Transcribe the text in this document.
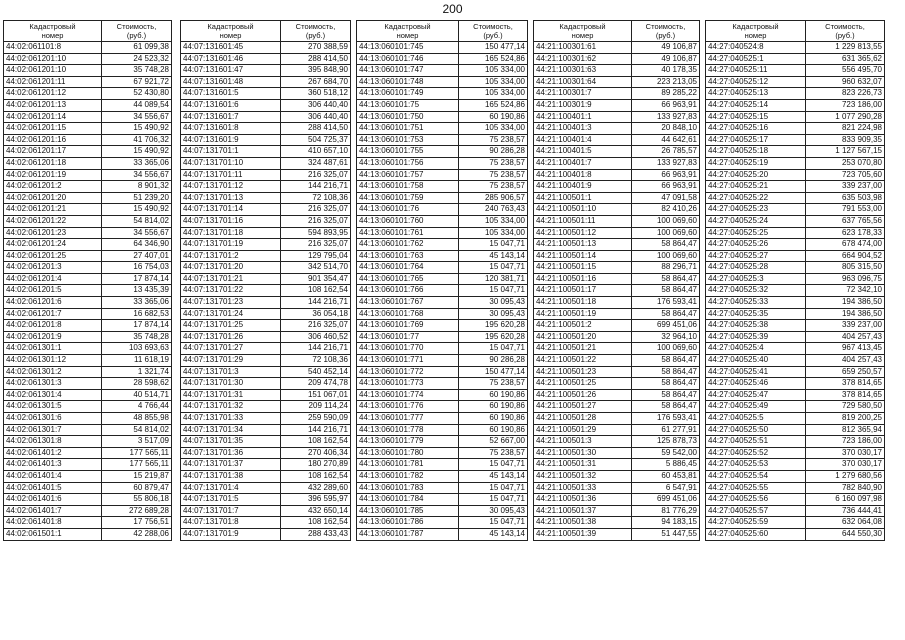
200
Кадастровый
номер	Стоимость,
(руб.)
44:02:061101:8	61 099,38
44:02:061201:10	24 523,32
44:02:061201:10	35 748,28
44:02:061201:11	67 921,72
44:02:061201:12	52 430,80
44:02:061201:13	44 089,54
44:02:061201:14	34 556,67
44:02:061201:15	15 490,92
44:02:061201:16	41 706,32
44:02:061201:17	15 490,92
44:02:061201:18	33 365,06
44:02:061201:19	34 556,67
44:02:061201:2	8 901,32
44:02:061201:20	51 239,20
44:02:061201:21	15 490,92
44:02:061201:22	54 814,02
44:02:061201:23	34 556,67
44:02:061201:24	64 346,90
44:02:061201:25	27 407,01
44:02:061201:3	16 754,03
44:02:061201:4	17 874,14
44:02:061201:5	13 435,39
44:02:061201:6	33 365,06
44:02:061201:7	16 682,53
44:02:061201:8	17 874,14
44:02:061201:9	35 748,28
44:02:061301:1	103 693,63
44:02:061301:12	11 618,19
44:02:061301:2	1 321,74
44:02:061301:3	28 598,62
44:02:061301:4	40 514,71
44:02:061301:5	4 766,44
44:02:061301:6	48 855,98
44:02:061301:7	54 814,02
44:02:061301:8	3 517,09
44:02:061401:2	177 565,11
44:02:061401:3	177 565,11
44:02:061401:4	15 219,87
44:02:061401:5	60 879,47
44:02:061401:6	55 806,18
44:02:061401:7	272 689,28
44:02:061401:8	17 756,51
44:02:061501:1	42 288,06
Кадастровый
номер	Стоимость,
(руб.)
44:07:131601:45	270 388,59
44:07:131601:46	288 414,50
44:07:131601:47	395 848,90
44:07:131601:48	267 684,70
44:07:131601:5	360 518,12
44:07:131601:6	306 440,40
44:07:131601:7	306 440,40
44:07:131601:8	288 414,50
44:07:131601:9	504 725,37
44:07:131701:1	410 657,10
44:07:131701:10	324 487,61
44:07:131701:11	216 325,07
44:07:131701:12	144 216,71
44:07:131701:13	72 108,36
44:07:131701:14	216 325,07
44:07:131701:16	216 325,07
44:07:131701:18	594 893,95
44:07:131701:19	216 325,07
44:07:131701:2	129 795,04
44:07:131701:20	342 514,70
44:07:131701:21	901 354,47
44:07:131701:22	108 162,54
44:07:131701:23	144 216,71
44:07:131701:24	36 054,18
44:07:131701:25	216 325,07
44:07:131701:26	306 460,52
44:07:131701:27	144 216,71
44:07:131701:29	72 108,36
44:07:131701:3	540 452,14
44:07:131701:30	209 474,78
44:07:131701:31	151 067,01
44:07:131701:32	209 114,24
44:07:131701:33	259 590,09
44:07:131701:34	144 216,71
44:07:131701:35	108 162,54
44:07:131701:36	270 406,34
44:07:131701:37	180 270,89
44:07:131701:38	108 162,54
44:07:131701:4	432 289,60
44:07:131701:5	396 595,97
44:07:131701:7	432 650,14
44:07:131701:8	108 162,54
44:07:131701:9	288 433,43
Кадастровый
номер	Стоимость,
(руб.)
44:13:060101:745	150 477,14
44:13:060101:746	165 524,86
44:13:060101:747	105 334,00
44:13:060101:748	105 334,00
44:13:060101:749	105 334,00
44:13:060101:75	165 524,86
44:13:060101:750	60 190,86
44:13:060101:751	105 334,00
44:13:060101:753	75 238,57
44:13:060101:755	90 286,28
44:13:060101:756	75 238,57
44:13:060101:757	75 238,57
44:13:060101:758	75 238,57
44:13:060101:759	285 906,57
44:13:060101:76	240 763,43
44:13:060101:760	105 334,00
44:13:060101:761	105 334,00
44:13:060101:762	15 047,71
44:13:060101:763	45 143,14
44:13:060101:764	15 047,71
44:13:060101:765	120 381,71
44:13:060101:766	15 047,71
44:13:060101:767	30 095,43
44:13:060101:768	30 095,43
44:13:060101:769	195 620,28
44:13:060101:77	195 620,28
44:13:060101:770	15 047,71
44:13:060101:771	90 286,28
44:13:060101:772	150 477,14
44:13:060101:773	75 238,57
44:13:060101:774	60 190,86
44:13:060101:776	60 190,86
44:13:060101:777	60 190,86
44:13:060101:778	60 190,86
44:13:060101:779	52 667,00
44:13:060101:780	75 238,57
44:13:060101:781	15 047,71
44:13:060101:782	45 143,14
44:13:060101:783	15 047,71
44:13:060101:784	15 047,71
44:13:060101:785	30 095,43
44:13:060101:786	15 047,71
44:13:060101:787	45 143,14
Кадастровый
номер	Стоимость,
(руб.)
44:21:100301:61	49 106,87
44:21:100301:62	49 106,87
44:21:100301:63	40 178,35
44:21:100301:64	223 213,05
44:21:100301:7	89 285,22
44:21:100301:9	66 963,91
44:21:100401:1	133 927,83
44:21:100401:3	20 848,10
44:21:100401:4	44 642,61
44:21:100401:5	26 785,57
44:21:100401:7	133 927,83
44:21:100401:8	66 963,91
44:21:100401:9	66 963,91
44:21:100501:1	47 091,58
44:21:100501:10	82 410,26
44:21:100501:11	100 069,60
44:21:100501:12	100 069,60
44:21:100501:13	58 864,47
44:21:100501:14	100 069,60
44:21:100501:15	88 296,71
44:21:100501:16	58 864,47
44:21:100501:17	58 864,47
44:21:100501:18	176 593,41
44:21:100501:19	58 864,47
44:21:100501:2	699 451,06
44:21:100501:20	32 964,10
44:21:100501:21	100 069,60
44:21:100501:22	58 864,47
44:21:100501:23	58 864,47
44:21:100501:25	58 864,47
44:21:100501:26	58 864,47
44:21:100501:27	58 864,47
44:21:100501:28	176 593,41
44:21:100501:29	61 277,91
44:21:100501:3	125 878,73
44:21:100501:30	59 542,00
44:21:100501:31	5 886,45
44:21:100501:32	60 453,81
44:21:100501:33	6 547,91
44:21:100501:36	699 451,06
44:21:100501:37	81 776,29
44:21:100501:38	94 183,15
44:21:100501:39	51 447,55
Кадастровый
номер	Стоимость,
(руб.)
44:27:040524:8	1 229 813,55
44:27:040525:1	631 365,62
44:27:040525:11	556 495,70
44:27:040525:12	960 632,07
44:27:040525:13	823 226,73
44:27:040525:14	723 186,00
44:27:040525:15	1 077 290,28
44:27:040525:16	821 224,98
44:27:040525:17	833 909,35
44:27:040525:18	1 127 567,15
44:27:040525:19	253 070,80
44:27:040525:20	723 705,60
44:27:040525:21	339 237,00
44:27:040525:22	635 503,98
44:27:040525:23	791 553,00
44:27:040525:24	637 765,56
44:27:040525:25	623 178,33
44:27:040525:26	678 474,00
44:27:040525:27	664 904,52
44:27:040525:28	805 315,50
44:27:040525:3	963 096,75
44:27:040525:32	72 342,10
44:27:040525:33	194 386,50
44:27:040525:35	194 386,50
44:27:040525:38	339 237,00
44:27:040525:39	404 257,43
44:27:040525:4	967 413,45
44:27:040525:40	404 257,43
44:27:040525:41	659 250,57
44:27:040525:46	378 814,65
44:27:040525:47	378 814,65
44:27:040525:49	729 580,50
44:27:040525:5	819 200,25
44:27:040525:50	812 365,94
44:27:040525:51	723 186,00
44:27:040525:52	370 030,17
44:27:040525:53	370 030,17
44:27:040525:54	1 279 680,56
44:27:040525:55	782 840,90
44:27:040525:56	6 160 097,98
44:27:040525:57	736 444,41
44:27:040525:59	632 064,08
44:27:040525:60	644 550,30
